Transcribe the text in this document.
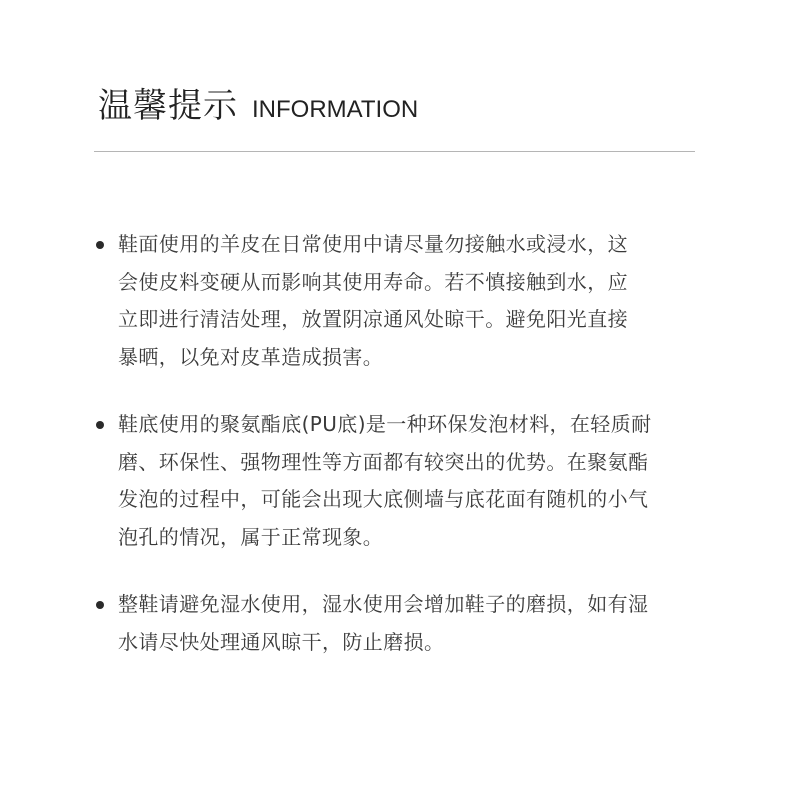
温馨提示 INFORMATION
鞋面使用的羊皮在日常使用中请尽量勿接触水或浸水，这
会使皮料变硬从而影响其使用寿命。若不慎接触到水，应
立即进行清洁处理，放置阴凉通风处晾干。避免阳光直接
暴晒，以免对皮革造成损害。
鞋底使用的聚氨酯底(PU底)是一种环保发泡材料，在轻质耐
磨、环保性、强物理性等方面都有较突出的优势。在聚氨酯
发泡的过程中，可能会出现大底侧墙与底花面有随机的小气
泡孔的情况，属于正常现象。
整鞋请避免湿水使用，湿水使用会增加鞋子的磨损，如有湿
水请尽快处理通风晾干，防止磨损。
